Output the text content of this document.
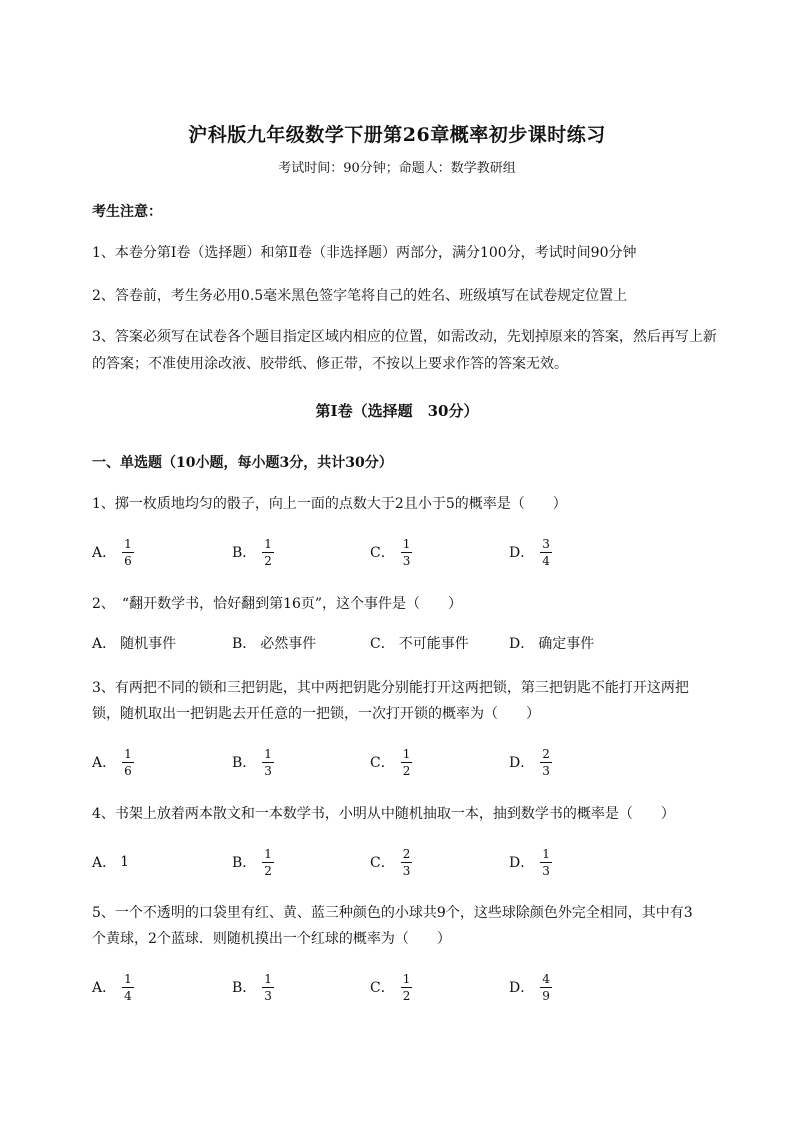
沪科版九年级数学下册第26章概率初步课时练习
考试时间：90分钟；命题人：数学教研组
考生注意：
1、本卷分第I卷（选择题）和第Ⅱ卷（非选择题）两部分，满分100分，考试时间90分钟
2、答卷前，考生务必用0.5毫米黑色签字笔将自己的姓名、班级填写在试卷规定位置上
3、答案必须写在试卷各个题目指定区域内相应的位置，如需改动，先划掉原来的答案，然后再写上新
的答案；不准使用涂改液、胶带纸、修正带，不按以上要求作答的答案无效。
第I卷（选择题　30分）
一、单选题（10小题，每小题3分，共计30分）
1、掷一枚质地均匀的骰子，向上一面的点数大于2且小于5的概率是（　　）
A． $\frac{1}{6}$	B． $\frac{1}{2}$	C． $\frac{1}{3}$	D． $\frac{3}{4}$
2、　“翻开数学书，恰好翻到第16页”，这个事件是（　　）
A． 随机事件	B． 必然事件	C． 不可能事件	D． 确定事件
3、有两把不同的锁和三把钥匙，其中两把钥匙分别能打开这两把锁，第三把钥匙不能打开这两把
锁，随机取出一把钥匙去开任意的一把锁，一次打开锁的概率为（　　）
A． $\frac{1}{6}$	B． $\frac{1}{3}$	C． $\frac{1}{2}$	D． $\frac{2}{3}$
4、书架上放着两本散文和一本数学书，小明从中随机抽取一本，抽到数学书的概率是（　　）
A． 1	B． $\frac{1}{2}$	C． $\frac{2}{3}$	D． $\frac{1}{3}$
5、一个不透明的口袋里有红、黄、蓝三种颜色的小球共9个，这些球除颜色外完全相同，其中有3
个黄球，2个蓝球．则随机摸出一个红球的概率为（　　）
A． $\frac{1}{4}$	B． $\frac{1}{3}$	C． $\frac{1}{2}$	D． $\frac{4}{9}$
